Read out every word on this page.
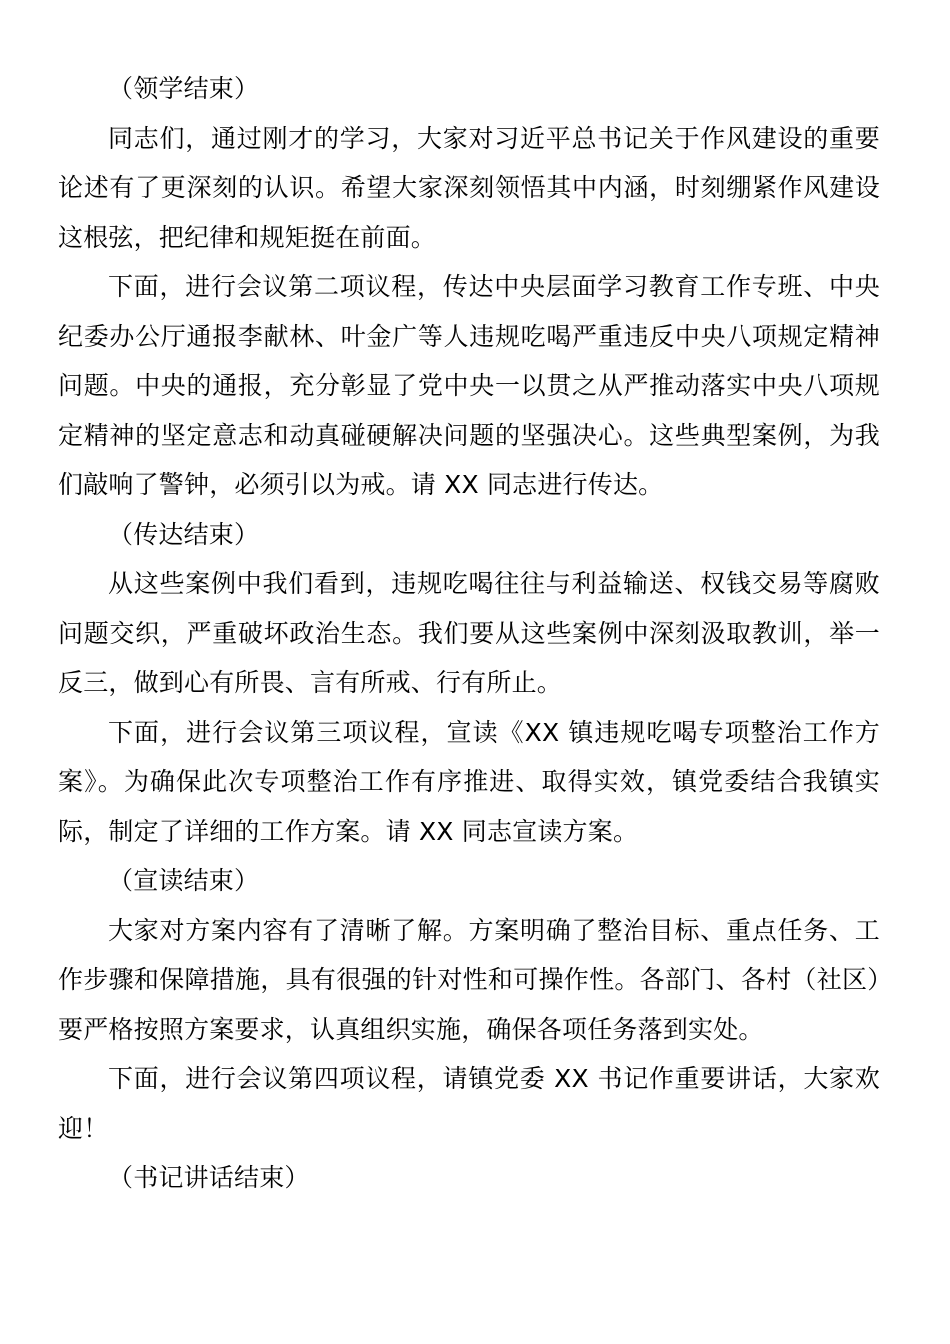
（领学结束）

同志们，通过刚才的学习，大家对习近平总书记关于作风建设的重要论述有了更深刻的认识。希望大家深刻领悟其中内涵，时刻绷紧作风建设这根弦，把纪律和规矩挺在前面。

下面，进行会议第二项议程，传达中央层面学习教育工作专班、中央纪委办公厅通报李献林、叶金广等人违规吃喝严重违反中央八项规定精神问题。中央的通报，充分彰显了党中央一以贯之从严推动落实中央八项规定精神的坚定意志和动真碰硬解决问题的坚强决心。这些典型案例，为我们敲响了警钟，必须引以为戒。请 XX 同志进行传达。

（传达结束）

从这些案例中我们看到，违规吃喝往往与利益输送、权钱交易等腐败问题交织，严重破坏政治生态。我们要从这些案例中深刻汲取教训，举一反三，做到心有所畏、言有所戒、行有所止。

下面，进行会议第三项议程，宣读《XX 镇违规吃喝专项整治工作方案》。为确保此次专项整治工作有序推进、取得实效，镇党委结合我镇实际，制定了详细的工作方案。请 XX 同志宣读方案。

（宣读结束）

大家对方案内容有了清晰了解。方案明确了整治目标、重点任务、工作步骤和保障措施，具有很强的针对性和可操作性。各部门、各村（社区）要严格按照方案要求，认真组织实施，确保各项任务落到实处。

下面，进行会议第四项议程，请镇党委 XX 书记作重要讲话，大家欢迎！

（书记讲话结束）
